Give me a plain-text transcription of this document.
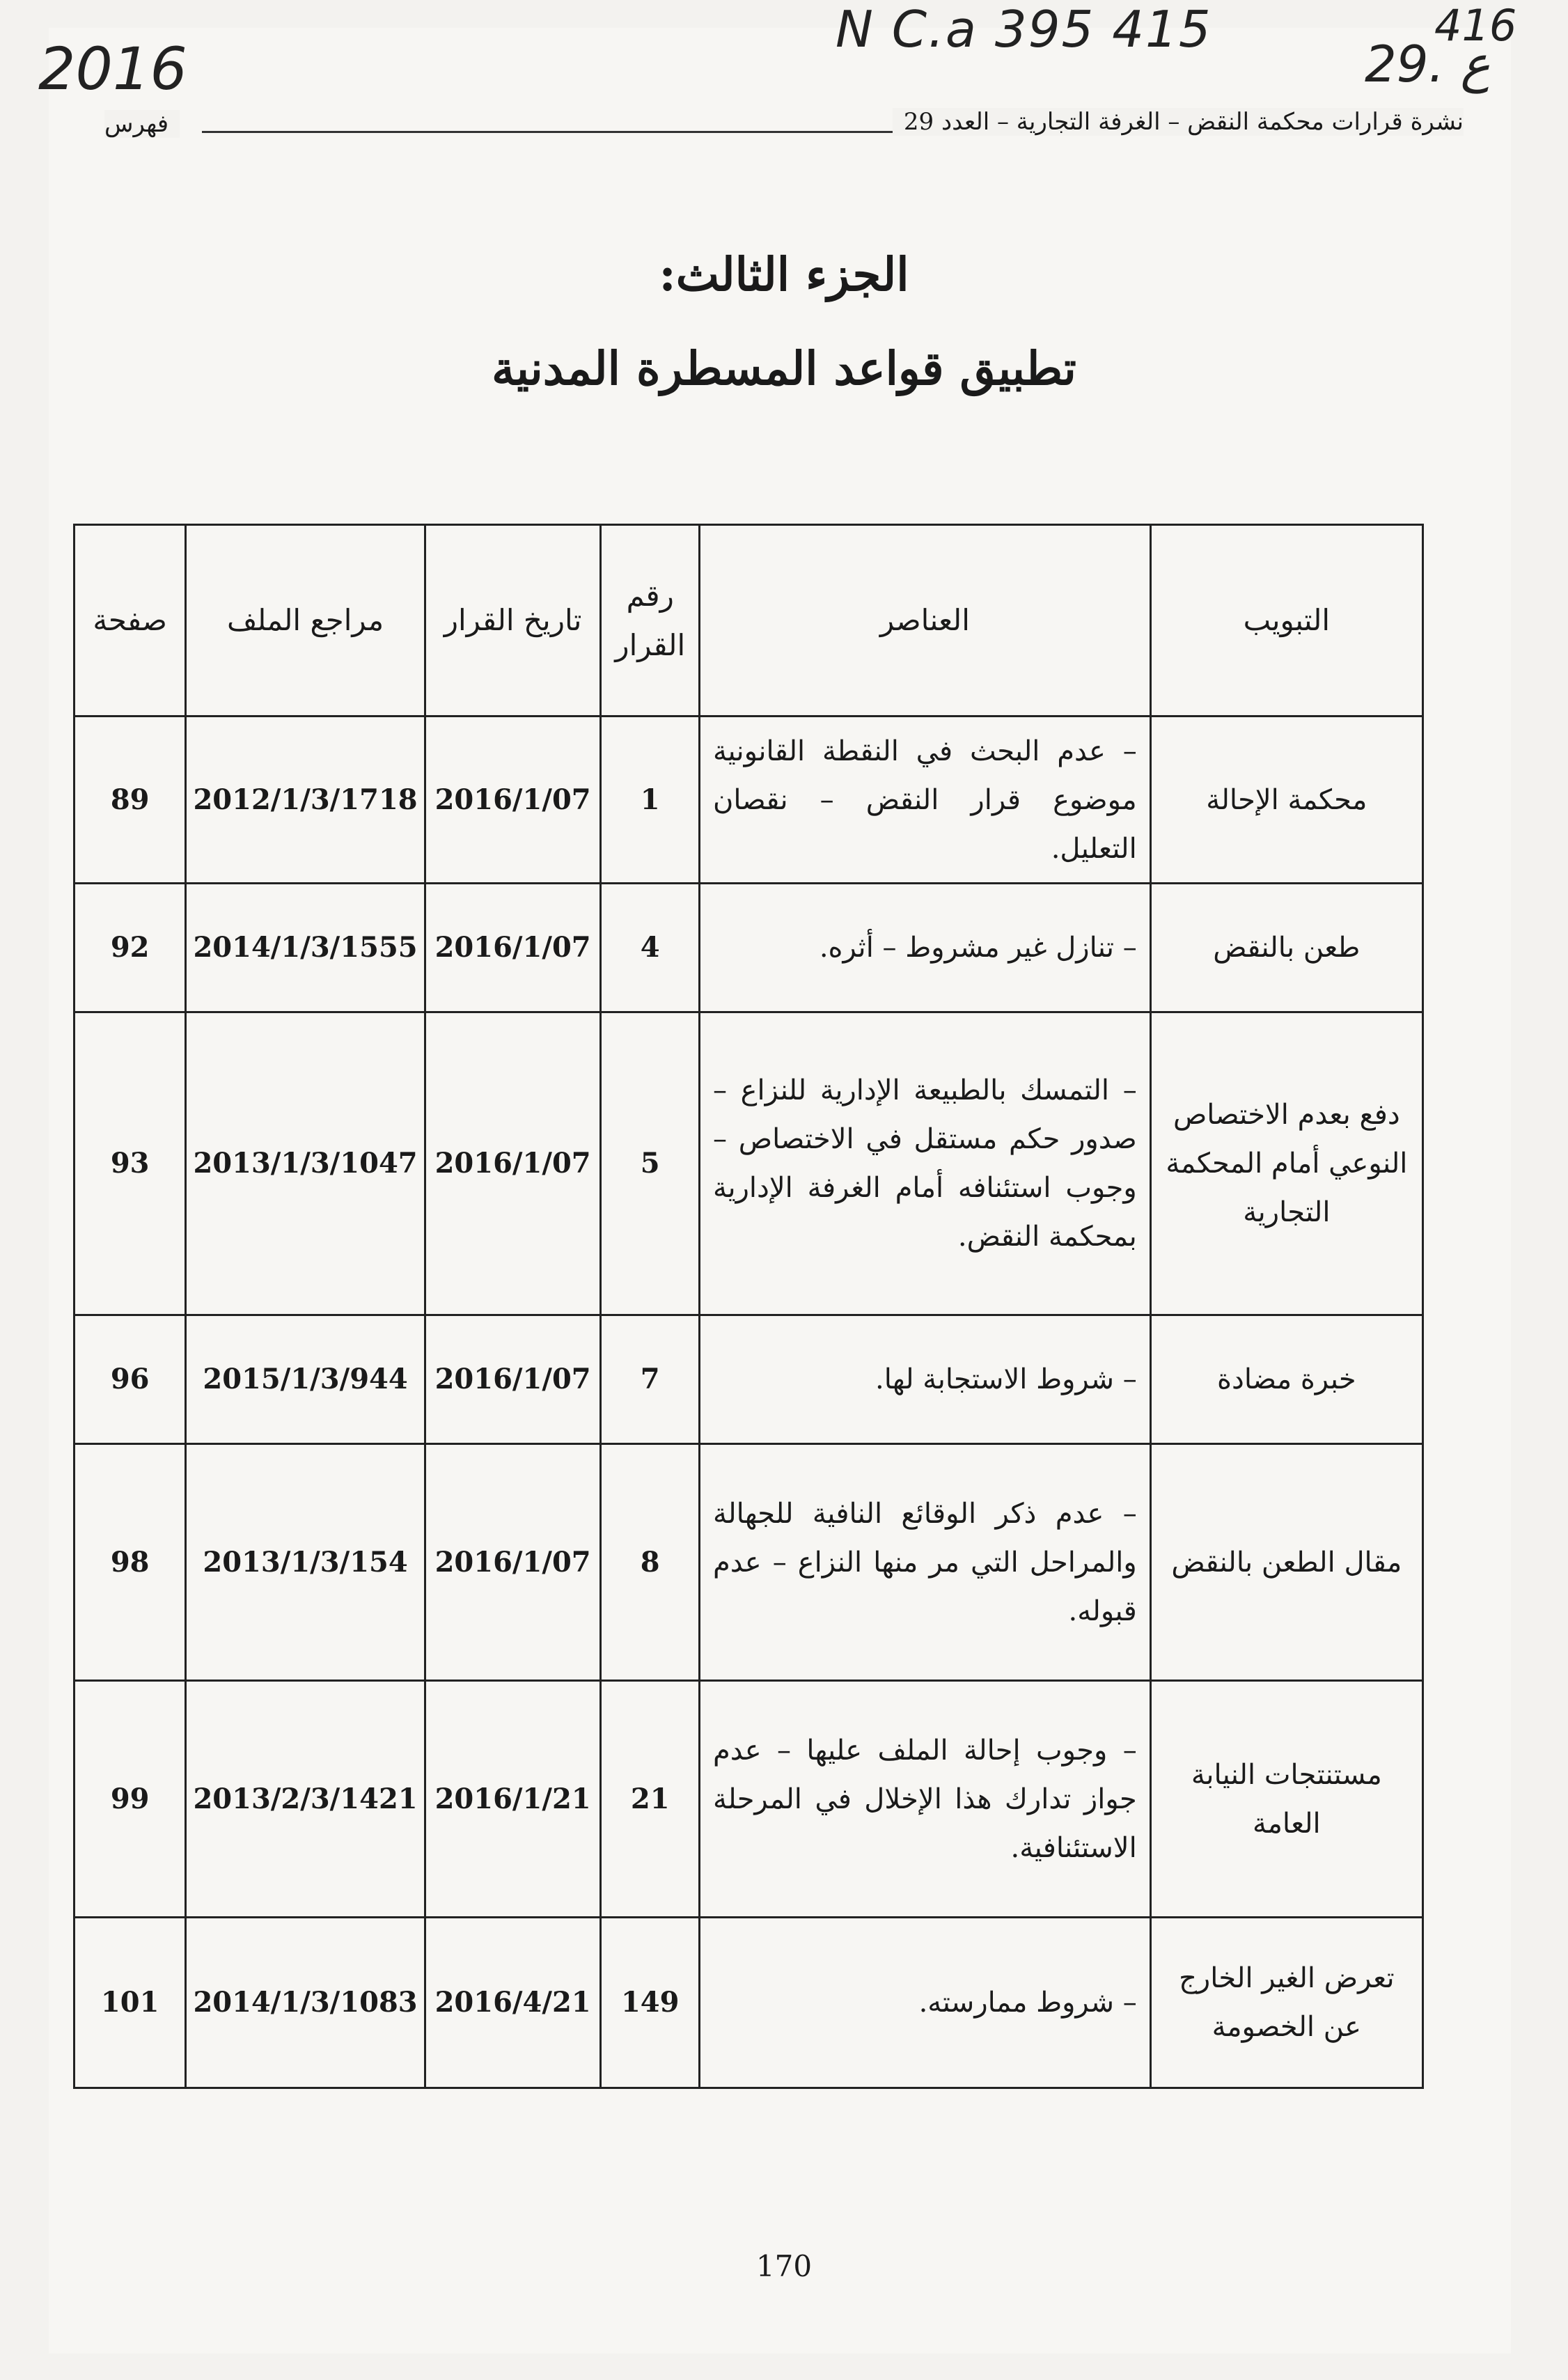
2016
N C.a 395 415	416
29. ع
نشرة قرارات محكمة النقض – الغرفة التجارية – العدد 29
فهرس
الجزء الثالث:
تطبيق قواعد المسطرة المدنية
التبويب	العناصر	رقم القرار	تاريخ القرار	مراجع الملف	صفحة
محكمة الإحالة	– عدم البحث في النقطة القانونية موضوع قرار النقض – نقصان التعليل.	1	2016/1/07	2012/1/3/1718	89
طعن بالنقض	– تنازل غير مشروط – أثره.	4	2016/1/07	2014/1/3/1555	92
دفع بعدم الاختصاص النوعي أمام المحكمة التجارية	– التمسك بالطبيعة الإدارية للنزاع – صدور حكم مستقل في الاختصاص – وجوب استئنافه أمام الغرفة الإدارية بمحكمة النقض.	5	2016/1/07	2013/1/3/1047	93
خبرة مضادة	– شروط الاستجابة لها.	7	2016/1/07	2015/1/3/944	96
مقال الطعن بالنقض	– عدم ذكر الوقائع النافية للجهالة والمراحل التي مر منها النزاع – عدم قبوله.	8	2016/1/07	2013/1/3/154	98
مستنتجات النيابة العامة	– وجوب إحالة الملف عليها – عدم جواز تدارك هذا الإخلال في المرحلة الاستئنافية.	21	2016/1/21	2013/2/3/1421	99
تعرض الغير الخارج عن الخصومة	– شروط ممارسته.	149	2016/4/21	2014/1/3/1083	101
170
